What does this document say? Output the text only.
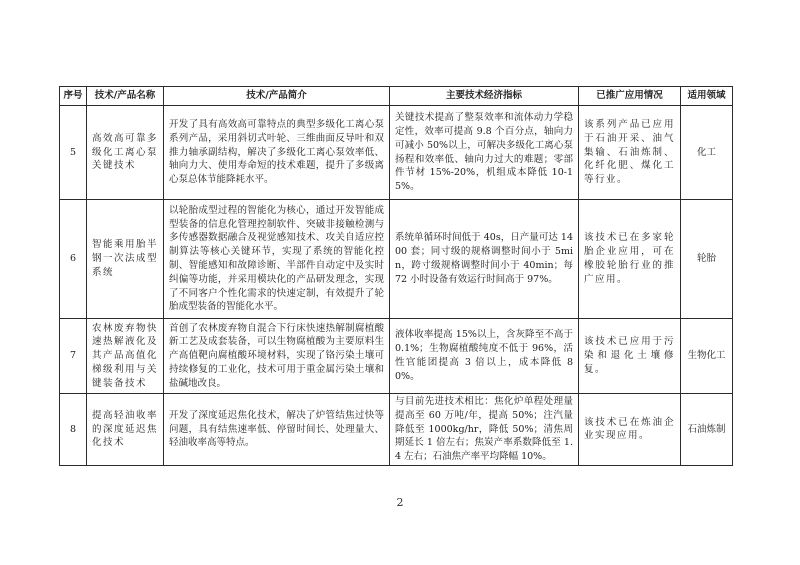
序号	技术/产品名称	技术/产品简介	主要技术经济指标	已推广应用情况	适用领域
5	高效高可靠多级化工离心泵关键技术	开发了具有高效高可靠特点的典型多级化工离心泵系列产品，采用斜切式叶轮、三维曲面反导叶和双推力轴承副结构，解决了多级化工离心泵效率低、轴向力大、使用寿命短的技术难题，提升了多级离心泵总体节能降耗水平。	关键技术提高了整泵效率和流体动力学稳定性，效率可提高 9.8 个百分点，轴向力可减小 50%以上，可解决多级化工离心泵扬程和效率低、轴向力过大的难题；零部件节材 15%-20%，机组成本降低 10-15%。	该系列产品已应用于石油开采、油气集输、石油炼制、化纤化肥、煤化工等行业。	化工
6	智能乘用胎半钢一次法成型系统	以轮胎成型过程的智能化为核心，通过开发智能成型装备的信息化管理控制软件、突破非接触检测与多传感器数据融合及视觉感知技术、攻关自适应控制算法等核心关键环节，实现了系统的智能化控制、智能感知和故障诊断、半部件自动定中及实时纠偏等功能，并采用模块化的产品研发理念，实现了不同客户个性化需求的快速定制，有效提升了轮胎成型装备的智能化水平。	系统单循环时间低于 40s，日产量可达 1400 套；同寸级的规格调整时间小于 5min，跨寸级规格调整时间小于 40min；每 72 小时设备有效运行时间高于 97%。	该技术已在多家轮胎企业应用，可在橡胶轮胎行业的推广应用。	轮胎
7	农林废弃物快速热解液化及其产品高值化梯级利用与关键装备技术	首创了农林废弃物自混合下行床快速热解制腐植酸新工艺及成套装备，可以生物腐植酸为主要原料生产高值靶向腐植酸环境材料，实现了铬污染土壤可持续修复的工业化，技术可用于重金属污染土壤和盐碱地改良。	液体收率提高 15%以上，含灰降至不高于 0.1%；生物腐植酸纯度不低于 96%，活性官能团提高 3 倍以上，成本降低 80%。	该技术已应用于污染和退化土壤修复。	生物化工
8	提高轻油收率的深度延迟焦化技术	开发了深度延迟焦化技术，解决了炉管结焦过快等问题，具有结焦速率低、停留时间长、处理量大、轻油收率高等特点。	与目前先进技术相比：焦化炉单程处理量提高至 60 万吨/年，提高 50%；注汽量降低至 1000kg/hr，降低 50%；清焦周期延长 1 倍左右；焦炭产率系数降低至 1.4 左右；石油焦产率平均降幅 10%。	该技术已在炼油企业实现应用。	石油炼制
2
